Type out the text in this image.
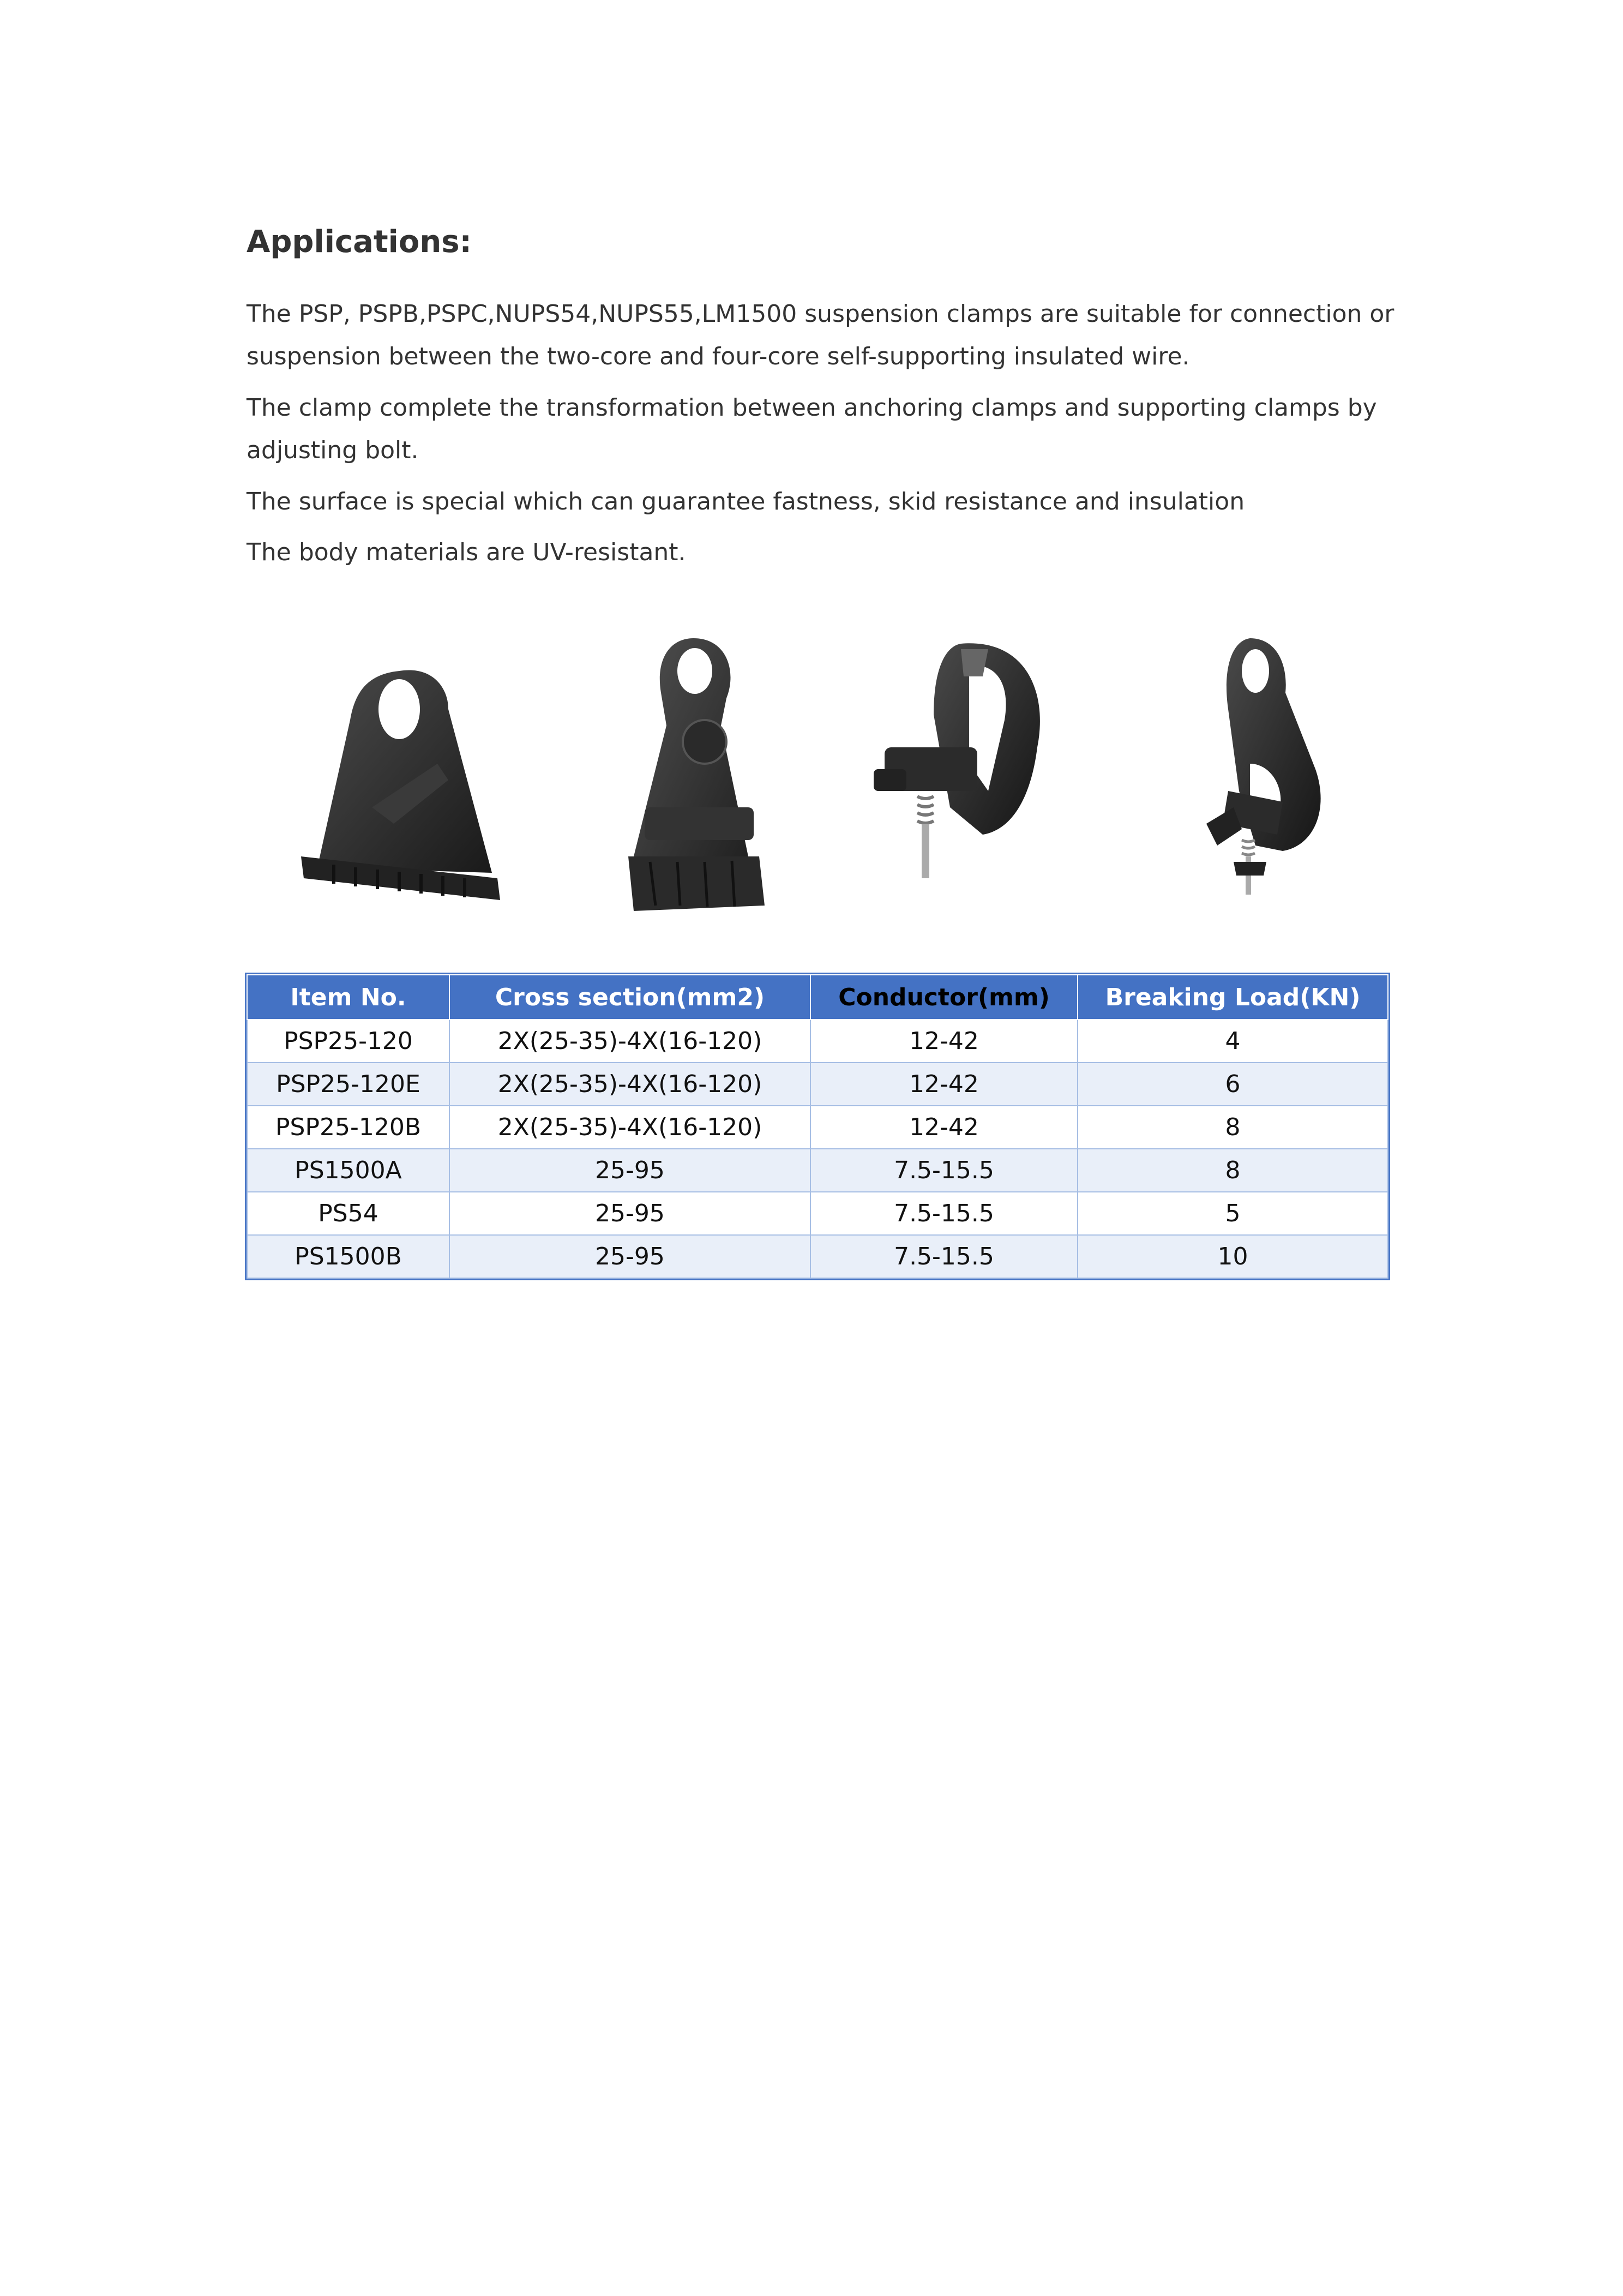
Applications:

The PSP, PSPB,PSPC,NUPS54,NUPS55,LM1500 suspension clamps are suitable for connection or suspension between the two-core and four-core self-supporting insulated wire.

The clamp complete the transformation between anchoring clamps and supporting clamps by adjusting bolt.

The surface is special which can guarantee fastness, skid resistance and insulation

The body materials are UV-resistant.

Item No.	Cross section(mm2)	Conductor(mm)	Breaking Load(KN)
PSP25-120	2X(25-35)-4X(16-120)	12-42	4
PSP25-120E	2X(25-35)-4X(16-120)	12-42	6
PSP25-120B	2X(25-35)-4X(16-120)	12-42	8
PS1500A	25-95	7.5-15.5	8
PS54	25-95	7.5-15.5	5
PS1500B	25-95	7.5-15.5	10
